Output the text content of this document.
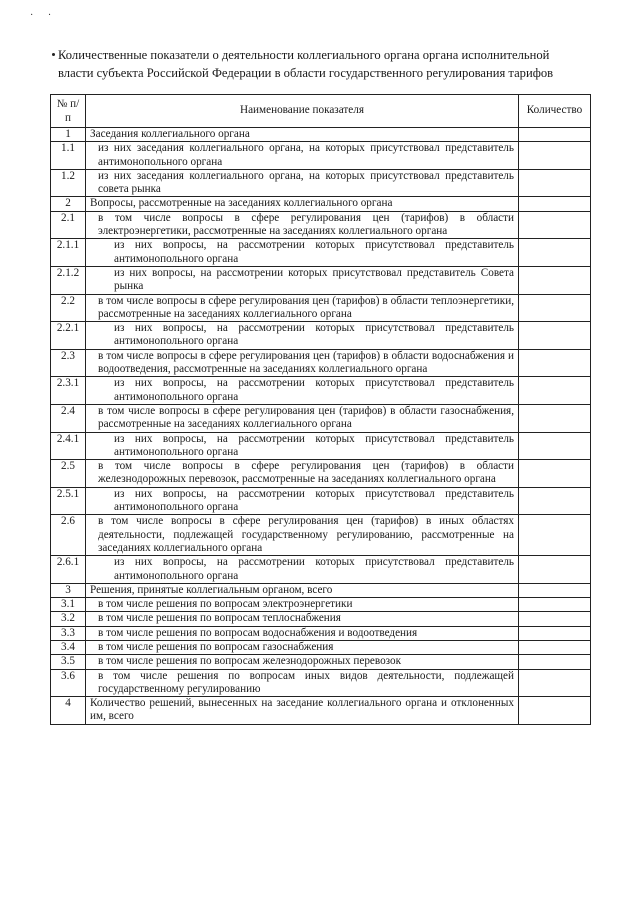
· ·
Количественные показатели о деятельности коллегиального органа органа исполнительной власти субъекта Российской Федерации в области государственного регулирования тарифов
№ п/п	Наименование показателя	Количество
1	Заседания коллегиального органа	
1.1	из них заседания коллегиального органа, на которых присутствовал представитель антимонопольного органа	
1.2	из них заседания коллегиального органа, на которых присутствовал представитель совета рынка	
2	Вопросы, рассмотренные на заседаниях коллегиального органа	
2.1	в том числе вопросы в сфере регулирования цен (тарифов) в области электроэнергетики, рассмотренные на заседаниях коллегиального органа	
2.1.1	из них вопросы, на рассмотрении которых присутствовал представитель антимонопольного органа	
2.1.2	из них вопросы, на рассмотрении которых присутствовал представитель Совета рынка	
2.2	в том числе вопросы в сфере регулирования цен (тарифов) в области теплоэнергетики, рассмотренные на заседаниях коллегиального органа	
2.2.1	из них вопросы, на рассмотрении которых присутствовал представитель антимонопольного органа	
2.3	в том числе вопросы в сфере регулирования цен (тарифов) в области водоснабжения и водоотведения, рассмотренные на заседаниях коллегиального органа	
2.3.1	из них вопросы, на рассмотрении которых присутствовал представитель антимонопольного органа	
2.4	в том числе вопросы в сфере регулирования цен (тарифов) в области газоснабжения, рассмотренные на заседаниях коллегиального органа	
2.4.1	из них вопросы, на рассмотрении которых присутствовал представитель антимонопольного органа	
2.5	в том числе вопросы в сфере регулирования цен (тарифов) в области железнодорожных перевозок, рассмотренные на заседаниях коллегиального органа	
2.5.1	из них вопросы, на рассмотрении которых присутствовал представитель антимонопольного органа	
2.6	в том числе вопросы в сфере регулирования цен (тарифов) в иных областях деятельности, подлежащей государственному регулированию, рассмотренные на заседаниях коллегиального органа	
2.6.1	из них вопросы, на рассмотрении которых присутствовал представитель антимонопольного органа	
3	Решения, принятые коллегиальным органом, всего	
3.1	в том числе решения по вопросам электроэнергетики	
3.2	в том числе решения по вопросам теплоснабжения	
3.3	в том числе решения по вопросам водоснабжения и водоотведения	
3.4	в том числе решения по вопросам газоснабжения	
3.5	в том числе решения по вопросам железнодорожных перевозок	
3.6	в том числе решения по вопросам иных видов деятельности, подлежащей государственному регулированию	
4	Количество решений, вынесенных на заседание коллегиального органа и отклоненных им, всего	
